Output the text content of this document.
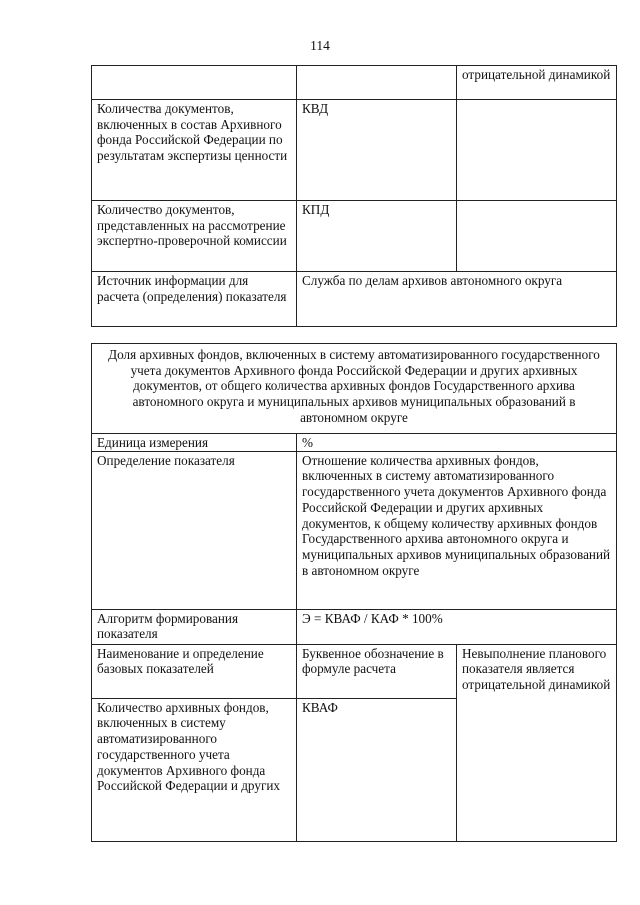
114
		отрицательной динамикой
Количества документов, включенных в состав Архивного фонда Российской Федерации по результатам экспертизы ценности	КВД	
Количество документов, представленных на рассмотрение экспертно-проверочной комиссии	КПД	
Источник информации для расчета (определения) показателя	Служба по делам архивов автономного округа	
Доля архивных фондов, включенных в систему автоматизированного государственного учета документов Архивного фонда Российской Федерации и других архивных документов, от общего количества архивных фондов Государственного архива автономного округа и муниципальных архивов муниципальных образований в автономном округе		
Единица измерения	%	
Определение показателя	Отношение количества архивных фондов, включенных в систему автоматизированного государственного учета документов Архивного фонда Российской Федерации и других архивных документов, к общему количеству архивных фондов Государственного архива автономного округа и муниципальных архивов муниципальных образований в автономном округе	
Алгоритм формирования показателя	Э = КВАФ / КАФ * 100%	
Наименование и определение базовых показателей	Буквенное обозначение в формуле расчета	Невыполнение планового показателя является отрицательной динамикой
Количество архивных фондов, включенных в систему автоматизированного государственного учета документов Архивного фонда Российской Федерации и других	КВАФ	
